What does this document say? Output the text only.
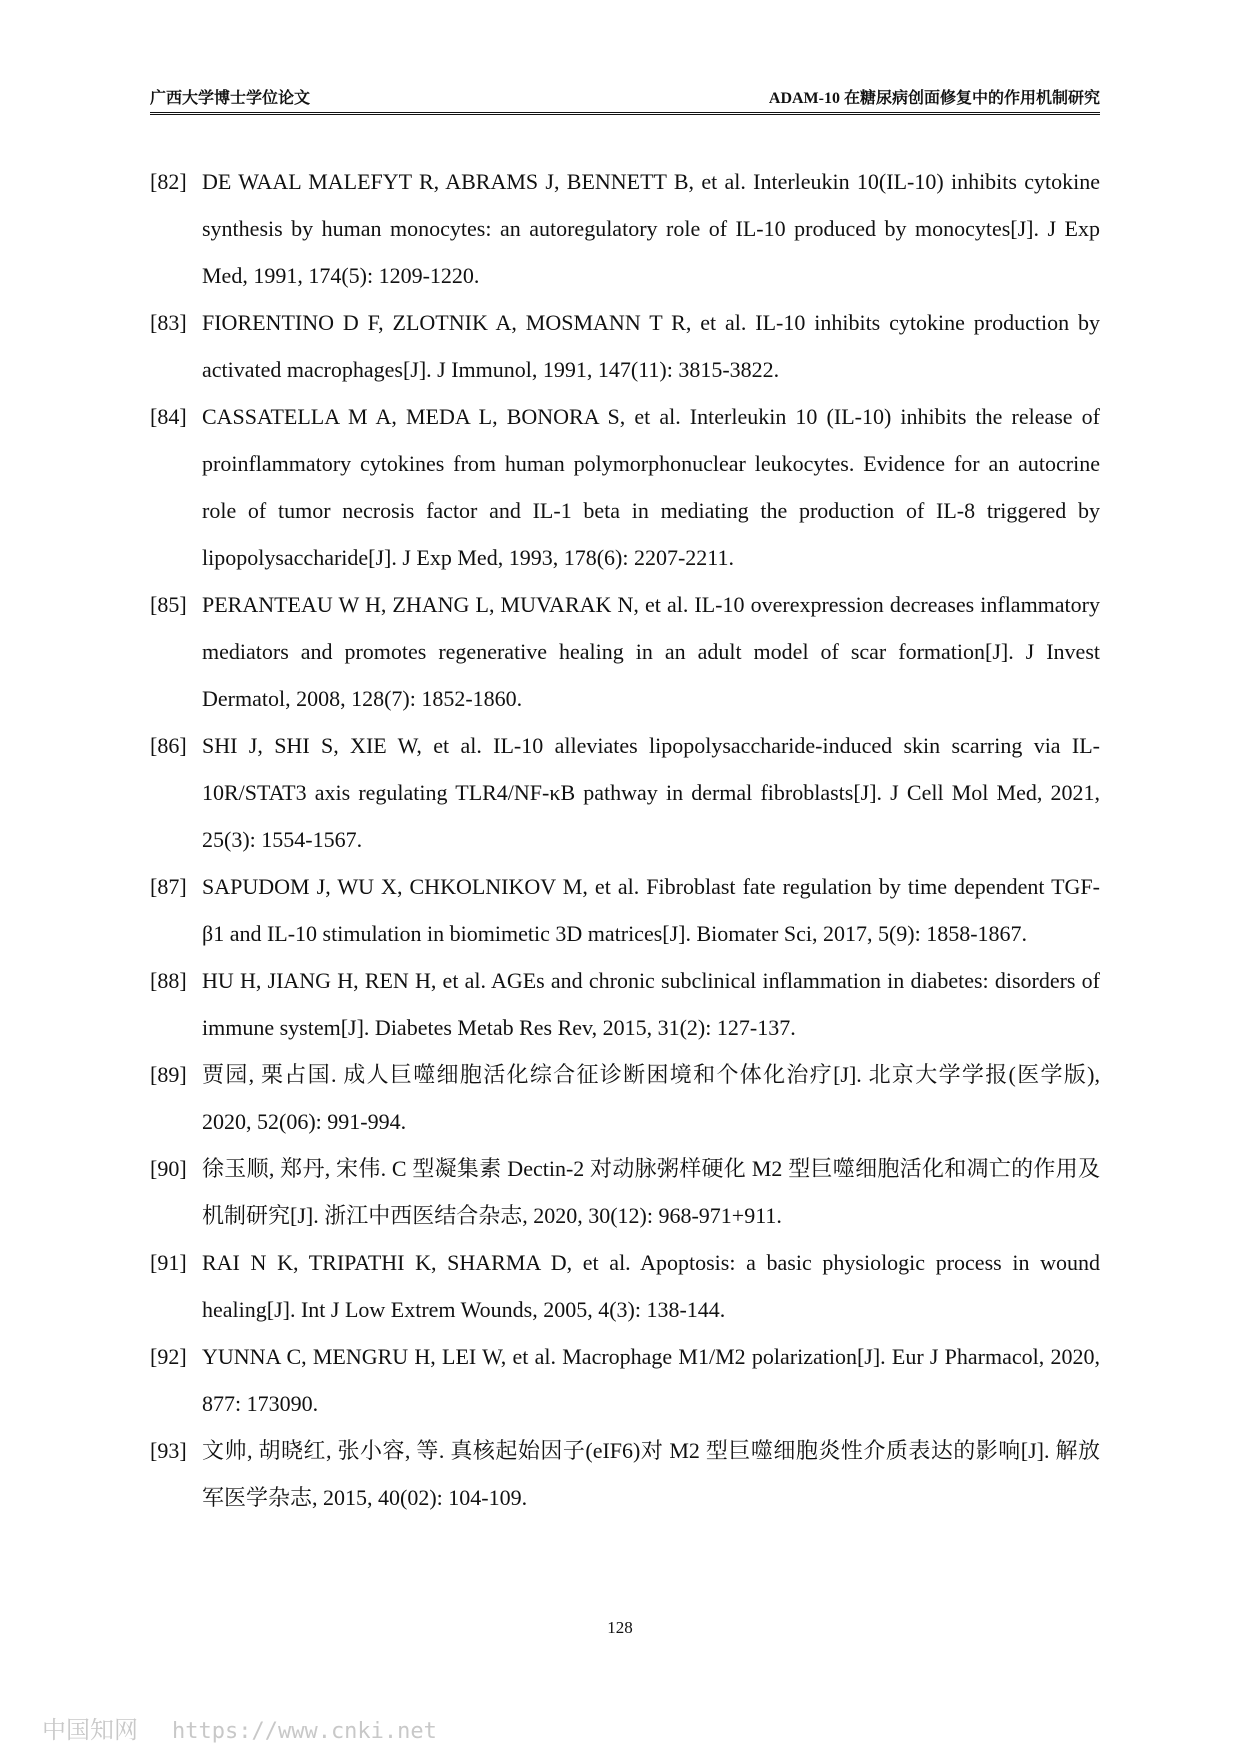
广西大学博士学位论文	ADAM-10 在糖尿病创面修复中的作用机制研究
[82] DE WAAL MALEFYT R, ABRAMS J, BENNETT B, et al. Interleukin 10(IL-10) inhibits cytokine synthesis by human monocytes: an autoregulatory role of IL-10 produced by monocytes[J]. J Exp Med, 1991, 174(5): 1209-1220.
[83] FIORENTINO D F, ZLOTNIK A, MOSMANN T R, et al. IL-10 inhibits cytokine production by activated macrophages[J]. J Immunol, 1991, 147(11): 3815-3822.
[84] CASSATELLA M A, MEDA L, BONORA S, et al. Interleukin 10 (IL-10) inhibits the release of proinflammatory cytokines from human polymorphonuclear leukocytes. Evidence for an autocrine role of tumor necrosis factor and IL-1 beta in mediating the production of IL-8 triggered by lipopolysaccharide[J]. J Exp Med, 1993, 178(6): 2207-2211.
[85] PERANTEAU W H, ZHANG L, MUVARAK N, et al. IL-10 overexpression decreases inflammatory mediators and promotes regenerative healing in an adult model of scar formation[J]. J Invest Dermatol, 2008, 128(7): 1852-1860.
[86] SHI J, SHI S, XIE W, et al. IL-10 alleviates lipopolysaccharide-induced skin scarring via IL-10R/STAT3 axis regulating TLR4/NF-κB pathway in dermal fibroblasts[J]. J Cell Mol Med, 2021, 25(3): 1554-1567.
[87] SAPUDOM J, WU X, CHKOLNIKOV M, et al. Fibroblast fate regulation by time dependent TGF-β1 and IL-10 stimulation in biomimetic 3D matrices[J]. Biomater Sci, 2017, 5(9): 1858-1867.
[88] HU H, JIANG H, REN H, et al. AGEs and chronic subclinical inflammation in diabetes: disorders of immune system[J]. Diabetes Metab Res Rev, 2015, 31(2): 127-137.
[89] 贾园, 栗占国. 成人巨噬细胞活化综合征诊断困境和个体化治疗[J]. 北京大学学报(医学版), 2020, 52(06): 991-994.
[90] 徐玉顺, 郑丹, 宋伟. C 型凝集素 Dectin-2 对动脉粥样硬化 M2 型巨噬细胞活化和凋亡的作用及机制研究[J]. 浙江中西医结合杂志, 2020, 30(12): 968-971+911.
[91] RAI N K, TRIPATHI K, SHARMA D, et al. Apoptosis: a basic physiologic process in wound healing[J]. Int J Low Extrem Wounds, 2005, 4(3): 138-144.
[92] YUNNA C, MENGRU H, LEI W, et al. Macrophage M1/M2 polarization[J]. Eur J Pharmacol, 2020, 877: 173090.
[93] 文帅, 胡晓红, 张小容, 等. 真核起始因子(eIF6)对 M2 型巨噬细胞炎性介质表达的影响[J]. 解放军医学杂志, 2015, 40(02): 104-109.
128
中国知网 https://www.cnki.net
